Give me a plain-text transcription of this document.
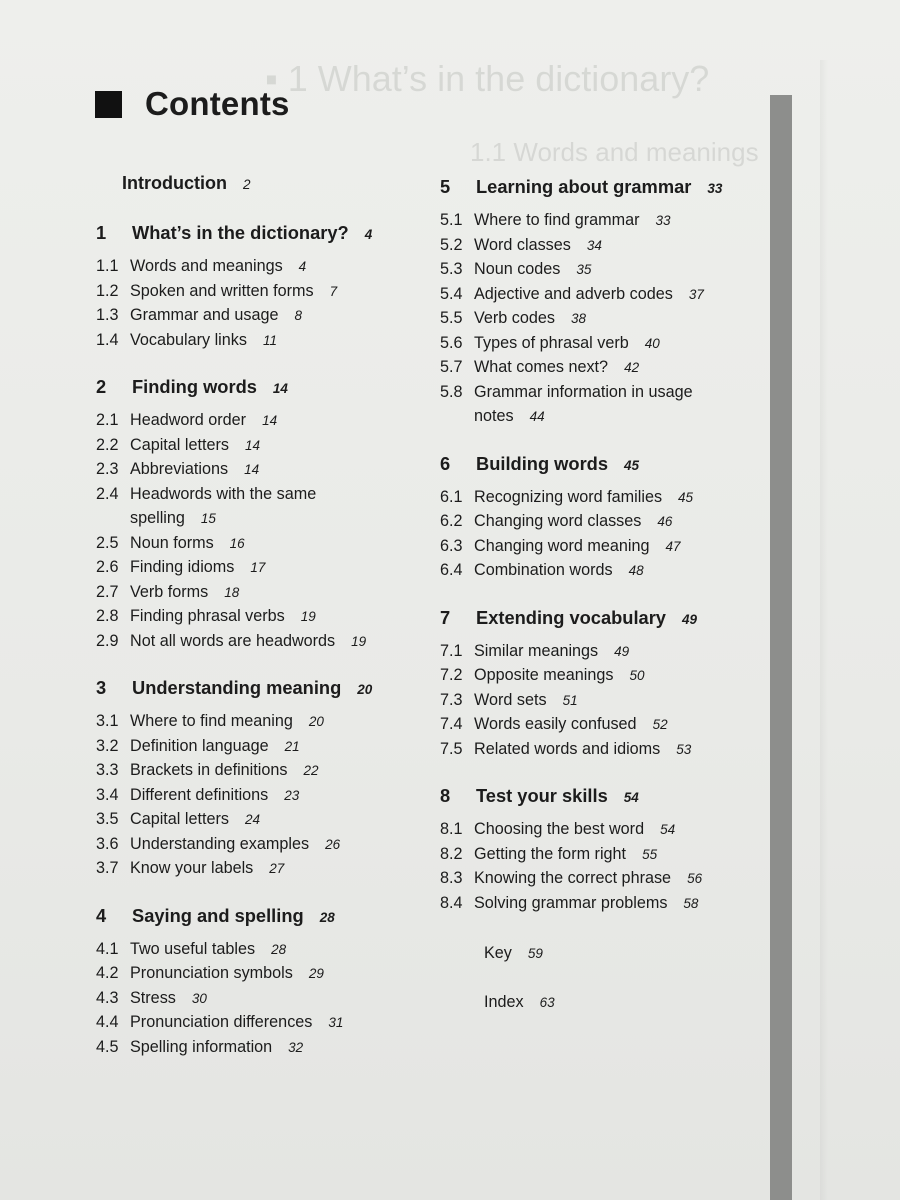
▪ 1 What’s in the dictionary?
1.1 Words and meanings
Contents
Introduction 2
1 What’s in the dictionary? 4
1.1 Words and meanings 4
1.2 Spoken and written forms 7
1.3 Grammar and usage 8
1.4 Vocabulary links 11
2 Finding words 14
2.1 Headword order 14
2.2 Capital letters 14
2.3 Abbreviations 14
2.4 Headwords with the same
spelling 15
2.5 Noun forms 16
2.6 Finding idioms 17
2.7 Verb forms 18
2.8 Finding phrasal verbs 19
2.9 Not all words are headwords 19
3 Understanding meaning 20
3.1 Where to find meaning 20
3.2 Definition language 21
3.3 Brackets in definitions 22
3.4 Different definitions 23
3.5 Capital letters 24
3.6 Understanding examples 26
3.7 Know your labels 27
4 Saying and spelling 28
4.1 Two useful tables 28
4.2 Pronunciation symbols 29
4.3 Stress 30
4.4 Pronunciation differences 31
4.5 Spelling information 32
5 Learning about grammar 33
5.1 Where to find grammar 33
5.2 Word classes 34
5.3 Noun codes 35
5.4 Adjective and adverb codes 37
5.5 Verb codes 38
5.6 Types of phrasal verb 40
5.7 What comes next? 42
5.8 Grammar information in usage
notes 44
6 Building words 45
6.1 Recognizing word families 45
6.2 Changing word classes 46
6.3 Changing word meaning 47
6.4 Combination words 48
7 Extending vocabulary 49
7.1 Similar meanings 49
7.2 Opposite meanings 50
7.3 Word sets 51
7.4 Words easily confused 52
7.5 Related words and idioms 53
8 Test your skills 54
8.1 Choosing the best word 54
8.2 Getting the form right 55
8.3 Knowing the correct phrase 56
8.4 Solving grammar problems 58
Key 59
Index 63
